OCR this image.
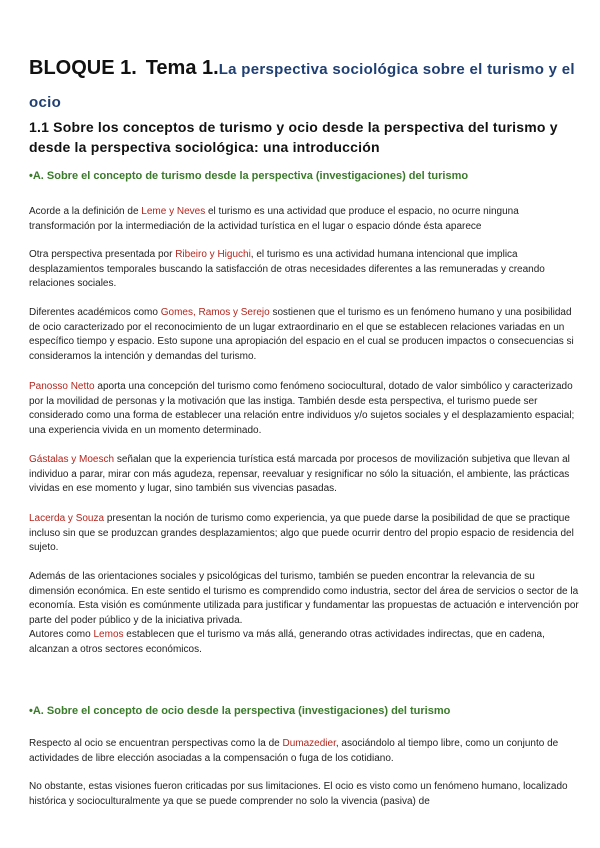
BLOQUE 1. Tema 1.La perspectiva sociológica sobre el turismo y el ocio
1.1 Sobre los conceptos de turismo y ocio desde la perspectiva del turismo y desde la perspectiva sociológica: una introducción
•A. Sobre el concepto de turismo desde la perspectiva (investigaciones) del turismo

Acorde a la definición de Leme y Neves el turismo es una actividad que produce el espacio, no ocurre ninguna transformación por la intermediación de la actividad turística en el lugar o espacio dónde ésta aparece

Otra perspectiva presentada por Ribeiro y Higuchi, el turismo es una actividad humana intencional que implica desplazamientos temporales buscando la satisfacción de otras necesidades diferentes a las remuneradas y creando relaciones sociales.

Diferentes académicos como Gomes, Ramos y Serejo sostienen que el turismo es un fenómeno humano y una posibilidad de ocio caracterizado por el reconocimiento de un lugar extraordinario en el que se establecen relaciones variadas en un específico tiempo y espacio. Esto supone una apropiación del espacio en el cual se producen impactos o consecuencias si consideramos la intención y demandas del turismo.

Panosso Netto aporta una concepción del turismo como fenómeno sociocultural, dotado de valor simbólico y caracterizado por la movilidad de personas y la motivación que las instiga. También desde esta perspectiva, el turismo puede ser considerado como una forma de establecer una relación entre individuos y/o sujetos sociales y el desplazamiento espacial; una experiencia vivida en un momento determinado.

Gástalas y Moesch señalan que la experiencia turística está marcada por procesos de movilización subjetiva que llevan al individuo a parar, mirar con más agudeza, repensar, reevaluar y resignificar no sólo la situación, el ambiente, las prácticas vividas en ese momento y lugar, sino también sus vivencias pasadas.

Lacerda y Souza presentan la noción de turismo como experiencia, ya que puede darse la posibilidad de que se practique incluso sin que se produzcan grandes desplazamientos; algo que puede ocurrir dentro del propio espacio de residencia del sujeto.

Además de las orientaciones sociales y psicológicas del turismo, también se pueden encontrar la relevancia de su dimensión económica. En este sentido el turismo es comprendido como industria, sector del área de servicios o sector de la economía. Esta visión es comúnmente utilizada para justificar y fundamentar las propuestas de actuación e intervención por parte del poder público y de la iniciativa privada.

Autores como Lemos establecen que el turismo va más allá, generando otras actividades indirectas, que en cadena, alcanzan a otros sectores económicos.

•A. Sobre el concepto de ocio desde la perspectiva (investigaciones) del turismo

Respecto al ocio se encuentran perspectivas como la de Dumazedier, asociándolo al tiempo libre, como un conjunto de actividades de libre elección asociadas a la compensación o fuga de los cotidiano.

No obstante, estas visiones fueron criticadas por sus limitaciones. El ocio es visto como un fenómeno humano, localizado histórica y socioculturalmente ya que se puede comprender no solo la vivencia (pasiva) de
